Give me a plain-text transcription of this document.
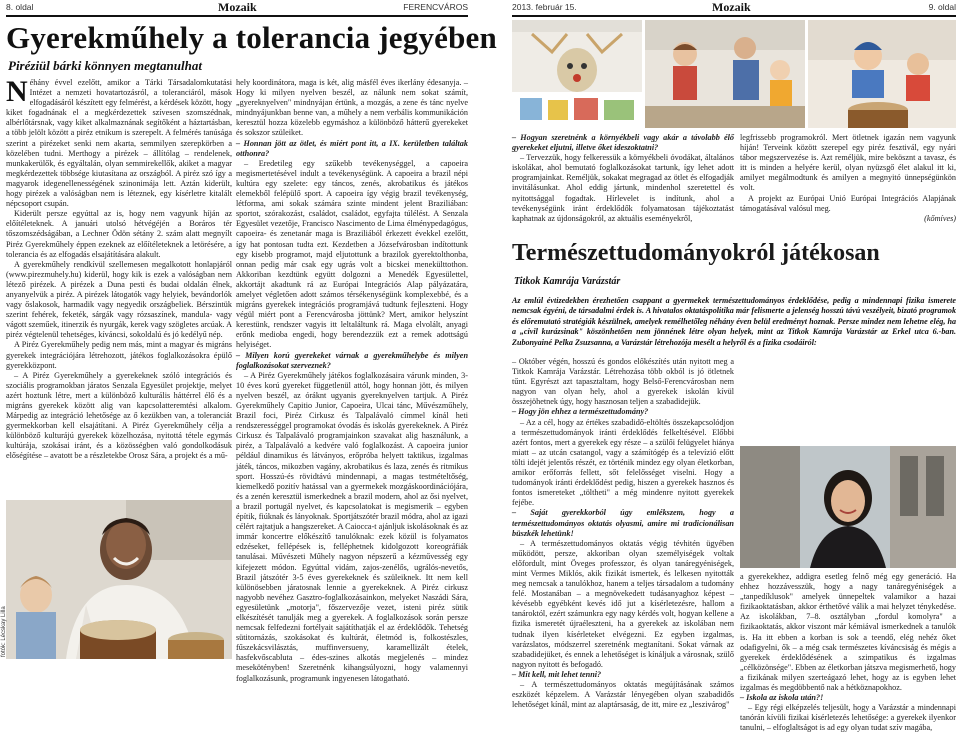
8. oldal	Mozaik	FERENCVÁROS	2013. február 15.	Mozaik	9. oldal
Gyerekműhely a tolerancia jegyében
Piréziül bárki könnyen megtanulhat

Néhány évvel ezelőtt, amikor a Tárki Társadalomkutatási Intézet a nemzeti hovatartozásról, a toleranciáról, mások elfogadásáról készített egy felmérést, a kérdések között, hogy kiket fogadnának el a megkérdezettek szívesen szomszédnak, albérlőtársnak, vagy kiket alkalmaznának segítőként a háztartásban, a több jelölt között a piréz etnikum is szerepelt. A felmérés tanúsága szerint a pirézeket senki nem akarta, semmilyen szerepkörben a közelében tudni. Merthogy a pirézek – állítólag – rendelenek, munkakerülők, és egyáltalán, olyan semmirekellők, akiket a magyar megkérdezettek többsége kiutasítana az országból. A piréz szó így a magyarok idegenellenességének szinonimája lett. Aztán kiderült, hogy pirézek a valóságban nem is léteznek, egy kísérletre kitalált népcsoport csupán.

Kiderült persze egyúttal az is, hogy nem vagyunk híján az előítéleteknek. A januári utolsó hétvégéjén a Boráros tér tőszomszédságában, a Lechner Ödön sétány 2. szám alatt megnyílt Piréz Gyerekműhely éppen ezeknek az előítéleteknek a letörésére, a tolerancia és az elfogadás elsajátítására alakult.

A gyerekműhely rendkívül szellemesen megalkotott honlapjáról (www.pirezmuhely.hu) kiderül, hogy kik is ezek a valóságban nem létező pirézek. A pirézek a Duna pesti és budai oldalán élnek, anyanyelvük a piréz. A pirézek látogatók vagy helyiek, bevándorlók vagy őslakosok, harmadik vagy negyedik országbeliek. Bérszintük szerint fehérek, feketék, sárgák vagy rózsaszínek, mandula- vagy vágott szeműek, itinerzik és nyurgák, kerek vagy szögletes arcúak. A piréz végtelenül tehetséges, kíváncsi, sokoldalú és jó kedélyű nép.

A Piréz Gyerekműhely pedig nem más, mint a magyar és migráns gyerekek integrációjára létrehozott, játékos foglalkozásokra épülő gyerekközpont.

– A Piréz Gyerekműhely a gyerekeknek szóló integrációs és szociális programokban járatos Senzala Egyesület projektje, melyet azért hoztunk létre, mert a különböző kulturális háttérrel élő és a migráns gyerekek között alig van kapcsolatteremtési alkalom. Márpedig az integráció lehetősége az ő kezükben van, a toleranciát gyermekkorban kell elsajátítani. A Piréz Gyerekműhely célja a különböző kulturájú gyerekek közelhozása, nyitottá tétele egymás kultúrája, szokásai iránt, és a közösségben való gondolkodásuk előségítése – avatott be a részletekbe Orosz Sára, a projekt és a mű-

hely koordinátora, maga is két, alig másfél éves ikerlány édesanyja. – Hogy ki milyen nyelven beszél, az nálunk nem sokat számít, „gyereknyelven" mindnyájan értünk, a mozgás, a zene és tánc nyelve mindnyájunkban benne van, a műhely a nem verbális kommunikáción keresztül hozza közelebb egymáshoz a különböző hátterű gyerekeket és sokszor szüleiket.

– Honnan jött az ötlet, és miért pont itt, a IX. kerületben találtak otthonra?

– Eredetileg egy szűkebb tevékenységgel, a capoeira megismertetésével indult a tevékenységünk. A capoeira a brazil népi kultúra egy szelete: egy táncos, zenés, akrobatikus és játékos elemekből felépülő sport. A capoeira így végig brazil tevékenység, létforma, ami sokak számára szinte mindent jelent Braziliában: sportot, szórakozást, családot, családot, egyfajta túlélést. A Senzala Egyesület vezetője, Francisco Nascimento de Lima élménypedagógus, capoeira- és zenetanár maga is Braziliából érkezett évekkel ezelőtt, így hat pontosan tudta ezt. Kezdetben a Józsefvárosban indítottunk egy kisebb programot, majd eljutottunk a brazilok gyerektolthonba, onnan pedig már csak egy ugrás volt a bicskei menekülttothon. Akkoriban kezdtünk együtt dolgozni a Menedék Egyesülettel, akkortájt akadtunk rá az Európai Integrációs Alap pályázatára, amelyet végletően adott számos térsékenységünk komplexebbé, és a migráns gyerekek integrációs programjává tudtunk fejleszteni. Hogy végül miért pont a Ferencvárosba jöttünk? Mert, amikor helyszínt kerestünk, rendszer vagyis itt leltaláltunk rá. Maga elvolált, anyagi erőnk medioba engedi, hogy berendezzük ezt a remek adottságú helyiséget.

– Milyen korú gyerekeket várnak a gyerekműhelybe és milyen foglalkozásokat szerveznek?

– A Piréz Gyerekműhely játékos foglalkozásaira várunk minden, 3-10 éves korú gyereket függetlenül attól, hogy honnan jött, és milyen nyelven beszél, az óráknt ugyanis gyereknyelven tartjuk. A Piréz Gyerekműhely Capitio Junior, Capoeira, Ulcai tánc, Művészműhely, Brazil foci, Piréz Cirkusz és Talpalávaló címmel kínál heti rendszerességgel programokat óvodás és iskolás gyerekeknek. A Piréz Cirkusz és Talpalávaló programjainkon szavakat alig használunk, a piréz, a Talpalávaló a kedvére való foglalkozást. A capoeira junior például dinamikus és látványos, erőpróba helyett taktikus, izgalmas játék, táncos, mikozben vagány, akrobatikus és laza, zenés és ritmikus sport. Hosszú-és rövidtávú mindennapi, a magas testmételtőség, kiemelkedő pozitív hatással van a gyermekek mozgáskoordinációjára, és a zenén keresztül ismerkednek a brazil modern, ahol az ősi nyelvet, a brazil portugál nyelvet, és kapcsolatokat is megismerik – egyben építik, fiúknak és lányoknak. Sportjátszótér brazil módra, ahol az igazi célért rajtatjuk a hangszereket. A Caiocca-t ajánljuk iskolásoknak és az immár koncertre előkészítő tanulóknak: ezek közül is folyamatos edzéseket, fellépések is, felléphetnek kidolgozott koreográfiák tanulásai. Művészeti Műhely nagyon népszerű a kézművesség egy kifejezett módon. Egyúttal vidám, zajos-zenélős, ugrálós-nevetős, Brazil játszótér 3-5 éves gyerekeknek és szüleiknek. Itt nem kell különösebben járatosnak lennie a gyerekeknek. A Piréz cirkusz nagyobb nevéhez Gasztro-foglalkozásainkon, melyeket Naszádi Sára, egyesületünk „motorja", főszervezője vezet, isteni piréz sütik elkészítését tanulják meg a gyerekek. A foglalkozások során persze nemcsak felfedezni fortélyait sajátíthatják el az érdeklődők. Tehetség sütitornázás, szokásokat és kultúrát, életmód is, folkostészles, fűszekácsvilásztás, muffinversueny, karamellizált ételek, hasfekvőscabluta – édes-szines alkotás megjelenés – mindez mesekötényben! Szeretnénk kihangsúlyozni, hogy valamennyi foglalkozásunk, programunk ingyenesen látogatható.

fotók: Lécskay Lilla

– Hogyan szeretnénk a környékbeli vagy akár a távolabb élő gyerekeket eljutni, illetve őket ideszoktatni?

– Tervezzük, hogy felkeressük a környékbeli óvodákat, általános iskolákat, ahol bemutató foglalkozásokat tartunk, így lehet adott programjainkat. Reméljük, sokakat megragad az ötlet és elfogadják invitálásunkat. Ahol eddig jártunk, mindenhol szeretettel és nyitottsággal fogadtak. Hírlevelet is indítunk, ahol a tevékenységünk iránt érdeklődők folyamatosan tájékoztatást kaphatnak az újdonságokról, az aktuális eseményekről,

legfrissebb programokról. Mert ötletnek igazán nem vagyunk híján! Terveink között szerepel egy piréz fesztivál, egy nyári tábor megszervezése is. Azt reméljük, mire bekösznt a tavasz, és itt is minden a helyére kerül, olyan nyüzsgő élet alakul itt ki, amilyet megálmodtunk és amilyen a megnyitó ünnepségünkön volt.

A projekt az Európai Unió Európai Integrációs Alapjának támogatásával valósul meg.

(kőmíves)

Természettudományokról játékosan
Titkok Kamrája Varázstár
Az emlúl évtizedekben érezhetően csappant a gyermekek természettudományos érdeklődése, pedig a mindennapi fizika ismerete nemcsak égyéni, de társadalmi érdek is. A hivatalos oktatáspolitika már felismerte a jelenség hosszú távú veszélyeit, bizató programok és előremutató stratégiák készülnek, amelyek remélhetőleg néhány éven belül eredményt hoznak. Persze mindez nem lehetne elég, ha a „civil kurázsinak" köszönhetően nem jönnének létre olyan helyek, mint az Titkok Kamrája Varázstár az Erkel utca 6.-ban. Zubonyainé Pelka Zsuzsanna, a Varázstár létrehozója mesélt a helyről és a fizika csodáiról:

– Október végén, hosszú és gondos előkészítés után nyitott meg a Titkok Kamrája Varázstár. Létrehozása több okból is jó ötletnek tűnt. Egyrészt azt tapasztaltam, hogy Belső-Ferencvárosban nem nagyon van olyan hely, ahol a gyerekek iskolán kívül összejöhetnek úgy, hogy hasznosan teljen a szabadidejük.

– Hogy jön ehhez a természettudomány?

– Az a cél, hogy az értékes szabadidő-eltöltés összekapcsolódjon a természettudományok iránti érdeklődés felkeltésével. Előbbi azért fontos, mert a gyerekek egy része – a szülői felügyelet hiánya miatt – az utcán csatangol, vagy a számítógép és a televízió előtt tölti idejét jelentős részét, ez történik mindez egy olyan életkorban, amikor erőforrás fellett, sőt felelősséget viselni. Hogy a tudományok iránti érdeklődést pedig, hiszen a gyerekek hasznos és fontos ismereteket „töltheti" a még mindenre nyitott gyerekek fejébe.

– Saját gyerekkorból úgy emlékszem, hogy a természettudományos oktatás olyasmi, amire mi tradicionálisan büszkék lehetünk!

– A természettudományos oktatás végig tévhitén ügyében működött, persze, akkoriban olyan személyiségek voltak előfordult, mint Öveges professzor, és olyan tanáregyéniségek, mint Vermes Miklós, akik fizikát ismertek, és lelkesen nyitották meg nemcsak a tanulókhoz, hanem a teljes társadalom a tudomány felé. Mostanában – a megnövekedett tudásanyaghoz képest – kévésebb egyébként kevés idő jut a kísérletezésre, hallom a tanároktól, ezért számunkra egy nagy kérdés volt, hogyan kellene a fizika ismeretét újraéleszteni, ha a gyerekek az iskolában nem tudnak ilyen kísérleteket elvégezni. Ez egyben izgalmas, varázslatos, módszerrel szeretnénk megtanítani. Sokat várnak az szabadidejüket, és ennek a lehetőséget is kínáljuk a városnak, szülő nagyon nyitott és befogadó.

– Mit kell, mit lehet tenni?

– A természettudományos oktatás megújításának számos eszközét képzelem. A Varázstár lényegében olyan szabadidős lehetőséget kínál, mint az alaptársaság, de itt, mire ez „leszivárog"

a gyerekekhez, addigra esetleg felnő még egy generáció. Ha ehhez hozzávesszük, hogy a nagy tanáregyéniségek a „tanpedíklusok" amelyek ünnepeltek valamikor a hazai fizikaoktatásban, akkor érthetővé válik a mai helyzet ténykedése. Az iskolákban, 7–8. osztályban „fordul komolyra" a fizikaoktatás, akkor viszont már kémiával ismerkednek a tanulók is. Ha itt ebben a korban is sok a teendő, elég nehéz őket odafigyelni, ők – a még csak természetes kíváncsiság és mégis a gyerekek érdeklődésének a szimpatikus és izgalmas „célközönsége". Ebben az életkorban játszva megismerhető, hogy a fizikának milyen szerteágazó lehet, hogy az is egyben lehet izgalmas és megdöbbentő nak a hétköznapokhoz.

– Iskola az iskola után?!

– Egy régi elképzelés teljesült, hogy a Varázstár a mindennapi tanórán kívüli fizikai kísérletezés lehetősége: a gyerekek ilyenkor tanulni, – elfoglaltságot is ad egy olyan tudat szív magába,
